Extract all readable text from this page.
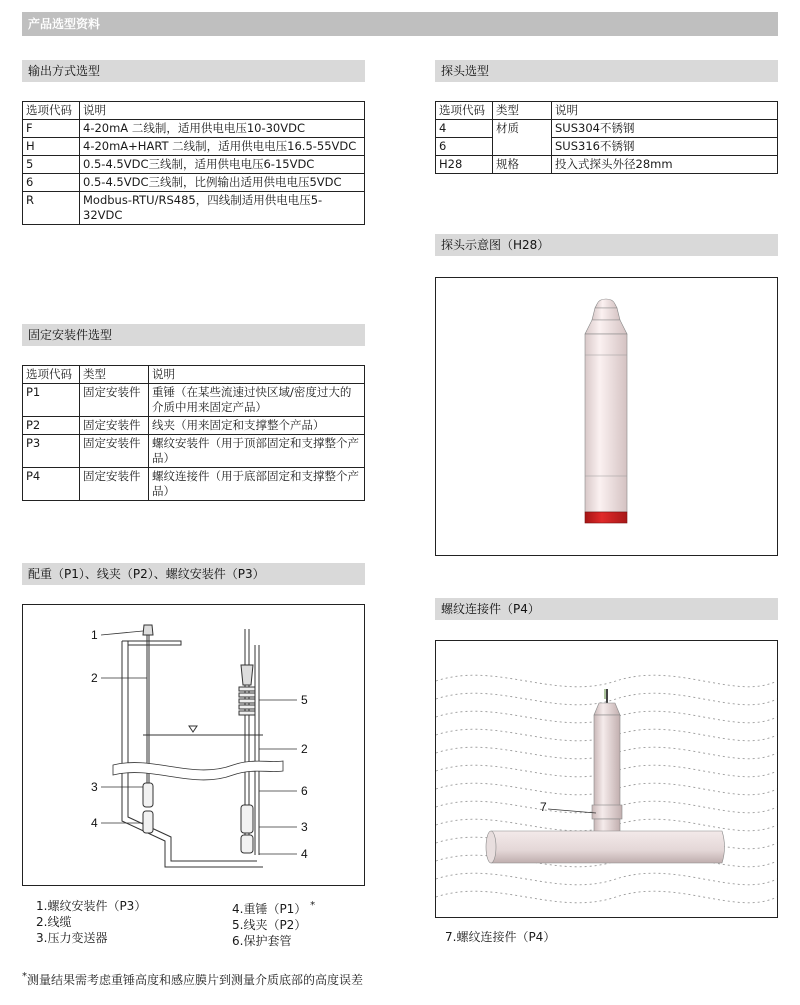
产品选型资料
输出方式选型
选项代码	说明
F	4-20mA 二线制，适用供电电压10-30VDC
H	4-20mA+HART 二线制，适用供电电压16.5-55VDC
5	0.5-4.5VDC三线制，适用供电电压6-15VDC
6	0.5-4.5VDC三线制，比例输出适用供电电压5VDC
R	Modbus-RTU/RS485，四线制适用供电电压5-32VDC
探头选型
选项代码	类型	说明
4	材质	SUS304不锈钢
6		SUS316不锈钢
H28	规格	投入式探头外径28mm
探头示意图（H28）
固定安装件选型
选项代码	类型	说明
P1	固定安装件	重锤（在某些流速过快区域/密度过大的介质中用来固定产品）
P2	固定安装件	线夹（用来固定和支撑整个产品）
P3	固定安装件	螺纹安装件（用于顶部固定和支撑整个产品）
P4	固定安装件	螺纹连接件（用于底部固定和支撑整个产品）
配重（P1）、线夹（P2）、螺纹安装件（P3）
1
2
3
4
5
2
6
3
4
1.螺纹安装件（P3）
2.线缆
3.压力变送器
4.重锤（P1） *
5.线夹（P2）
6.保护套管
螺纹连接件（P4）
7
7.螺纹连接件（P4）
*测量结果需考虑重锤高度和感应膜片到测量介质底部的高度误差
